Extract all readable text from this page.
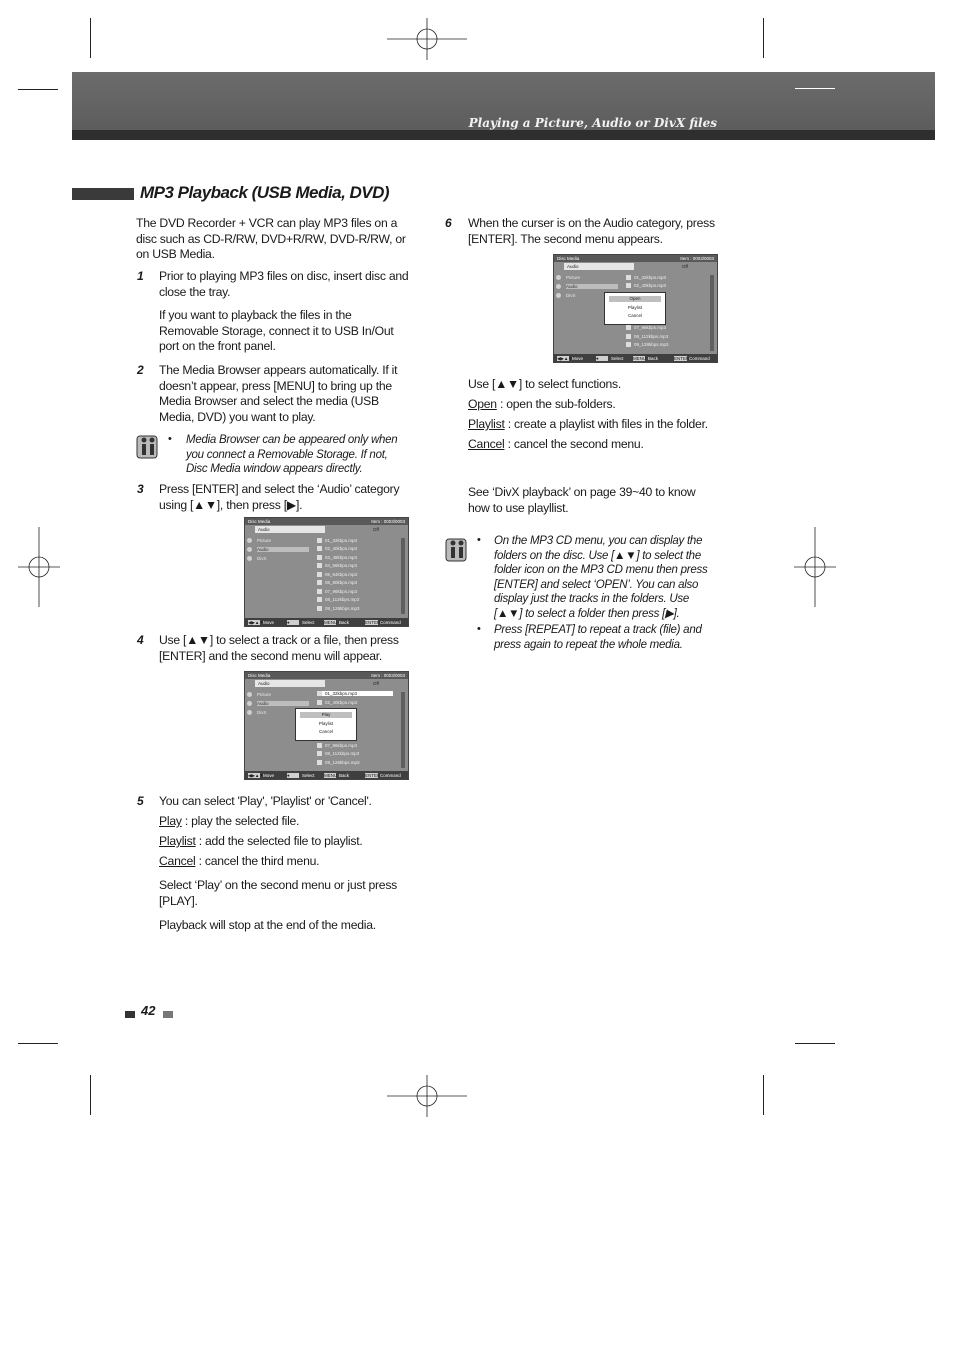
Playing a Picture, Audio or DivX files
MP3 Playback (USB Media, DVD)
The DVD Recorder + VCR can play MP3 files on a disc such as CD-R/RW, DVD+R/RW, DVD-R/RW, or on USB Media.
1 Prior to playing MP3 files on disc, insert disc and close the tray.
If you want to playback the files in the Removable Storage, connect it to USB In/Out port on the front panel.
2 The Media Browser appears automatically. If it doesn’t appear, press [MENU] to bring up the Media Browser and select the media (USB Media, DVD) you want to play.
• Media Browser can be appeared only when you connect a Removable Storage. If not, Disc Media window appears directly.
3 Press [ENTER] and select the ‘Audio’ category using [▲▼], then press [▶].
Disc Media	Item : 0003/0003
Audio	Off
Picture
Audio
DivX
01_32kbps.mp3
02_40kbps.mp3
03_48kbps.mp3
04_56kbps.mp3
05_64kbps.mp3
06_80kbps.mp3
07_96kbps.mp3
08_112kbps.mp3
09_128kbps.mp3
◀▶▲▼ Move	●	Select MENU Back	ENTER Command
4 Use [▲▼] to select a track or a file, then press [ENTER] and the second menu will appear.
Disc Media	Item : 0003/0003
Audio	Off
Picture
Audio
DivX
01_32kbps.mp3
02_40kbps.mp3
07_96kbps.mp3
08_112kbps.mp3
09_128kbps.mp3
Play
Playlist
Cancel
◀▶▲▼ Move	●	Select MENU Back	ENTER Command
5 You can select 'Play', 'Playlist' or 'Cancel'.
Play : play the selected file.
Playlist : add the selected file to playlist.
Cancel : cancel the third menu.
Select ‘Play’ on the second menu or just press [PLAY].
Playback will stop at the end of the media.
6 When the curser is on the Audio category, press [ENTER]. The second menu appears.
Disc Media	Item : 0003/0003
Audio	Off
Picture
Audio
DivX
01_32kbps.mp3
02_40kbps.mp3
07_96kbps.mp3
08_112kbps.mp3
09_128kbps.mp3
Open
Playlist
Cancel
◀▶▲▼ Move	●	Select MENU Back	ENTER Command
Use [▲▼] to select functions.
Open : open the sub-folders.
Playlist : create a playlist with files in the folder.
Cancel : cancel the second menu.
See ‘DivX playback’ on page 39~40 to know how to use playllist.
• On the MP3 CD menu, you can display the folders on the disc. Use [▲▼] to select the folder icon on the MP3 CD menu then press [ENTER] and select ‘OPEN’. You can also display just the tracks in the folders. Use [▲▼] to select a folder then press [▶].
• Press [REPEAT] to repeat a track (file) and press again to repeat the whole media.
42
